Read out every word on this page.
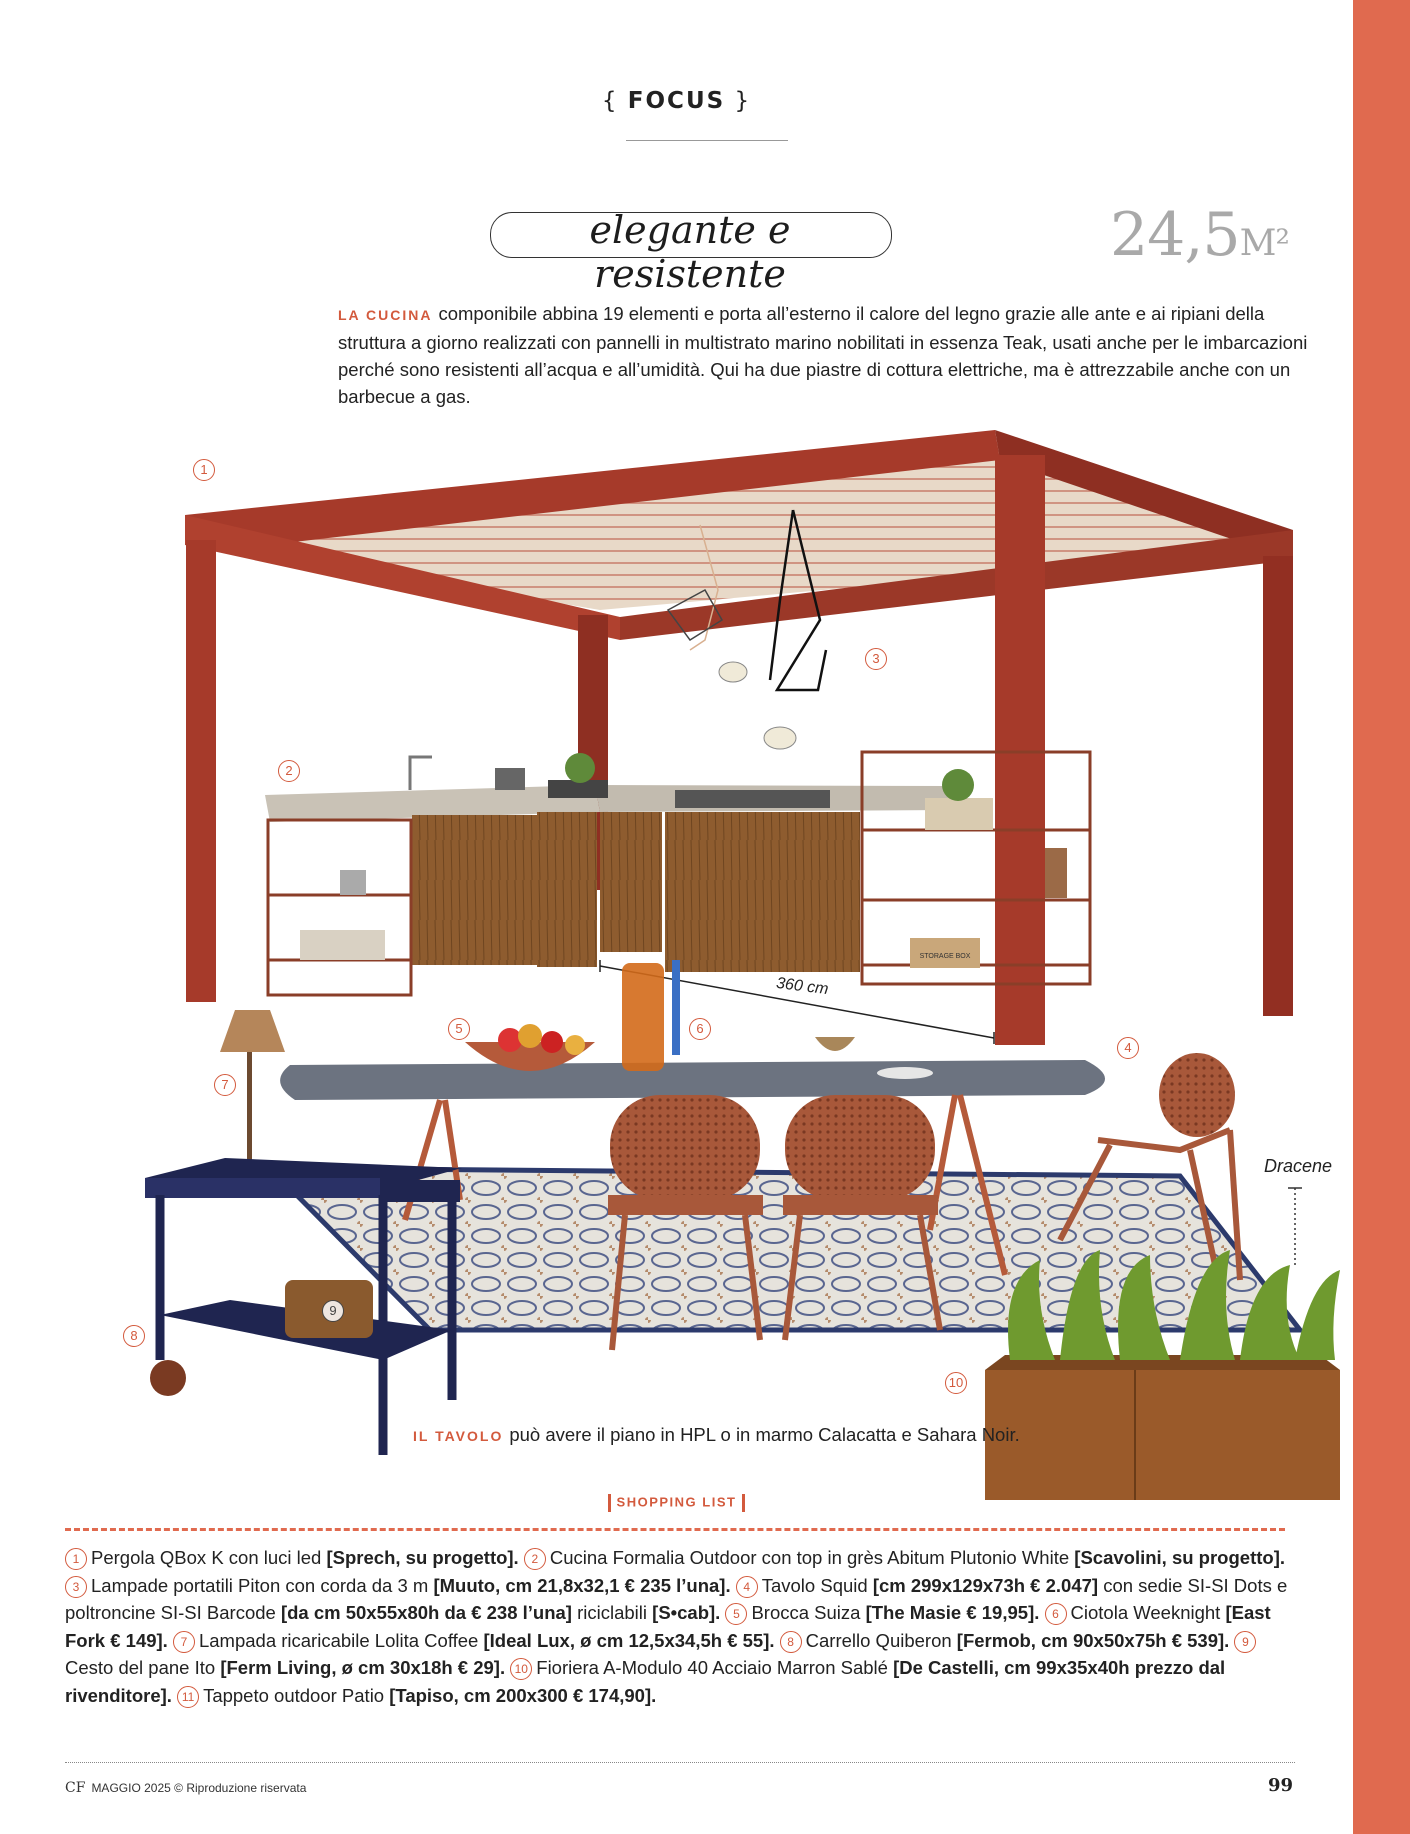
{ FOCUS }
elegante e resistente
24,5M²
LA CUCINA componibile abbina 19 elementi e porta all’esterno il calore del legno grazie alle ante e ai ripiani della struttura a giorno realizzati con pannelli in multistrato marino nobilitati in essenza Teak, usati anche per le imbarcazioni perché sono resistenti all’acqua e all’umidità. Qui ha due piastre di cottura elettriche, ma è attrezzabile anche con un barbecue a gas.
STORAGE BOX
1
2
3
4
5	6
7
8
9
10
360 cm
Dracene
IL TAVOLO può avere il piano in HPL o in marmo Calacatta e Sahara Noir.
SHOPPING LIST
1 Pergola QBox K con luci led [Sprech, su progetto]. 2 Cucina Formalia Outdoor con top in grès Abitum Plutonio White [Scavolini, su progetto]. 3 Lampade portatili Piton con corda da 3 m [Muuto, cm 21,8x32,1 € 235 l’una]. 4 Tavolo Squid [cm 299x129x73h € 2.047] con sedie SI-SI Dots e poltroncine SI-SI Barcode [da cm 50x55x80h da € 238 l’una] riciclabili [S•cab]. 5 Brocca Suiza [The Masie € 19,95]. 6 Ciotola Weeknight [East Fork € 149]. 7 Lampada ricaricabile Lolita Coffee [Ideal Lux, ø cm 12,5x34,5h € 55]. 8 Carrello Quiberon [Fermob, cm 90x50x75h € 539]. 9Cesto del pane Ito [Ferm Living, ø cm 30x18h € 29]. 10 Fioriera A-Modulo 40 Acciaio Marron Sablé [De Castelli, cm 99x35x40h prezzo dal rivenditore]. 11 Tappeto outdoor Patio [Tapiso, cm 200x300 € 174,90].
CF MAGGIO 2025 © Riproduzione riservata	99
